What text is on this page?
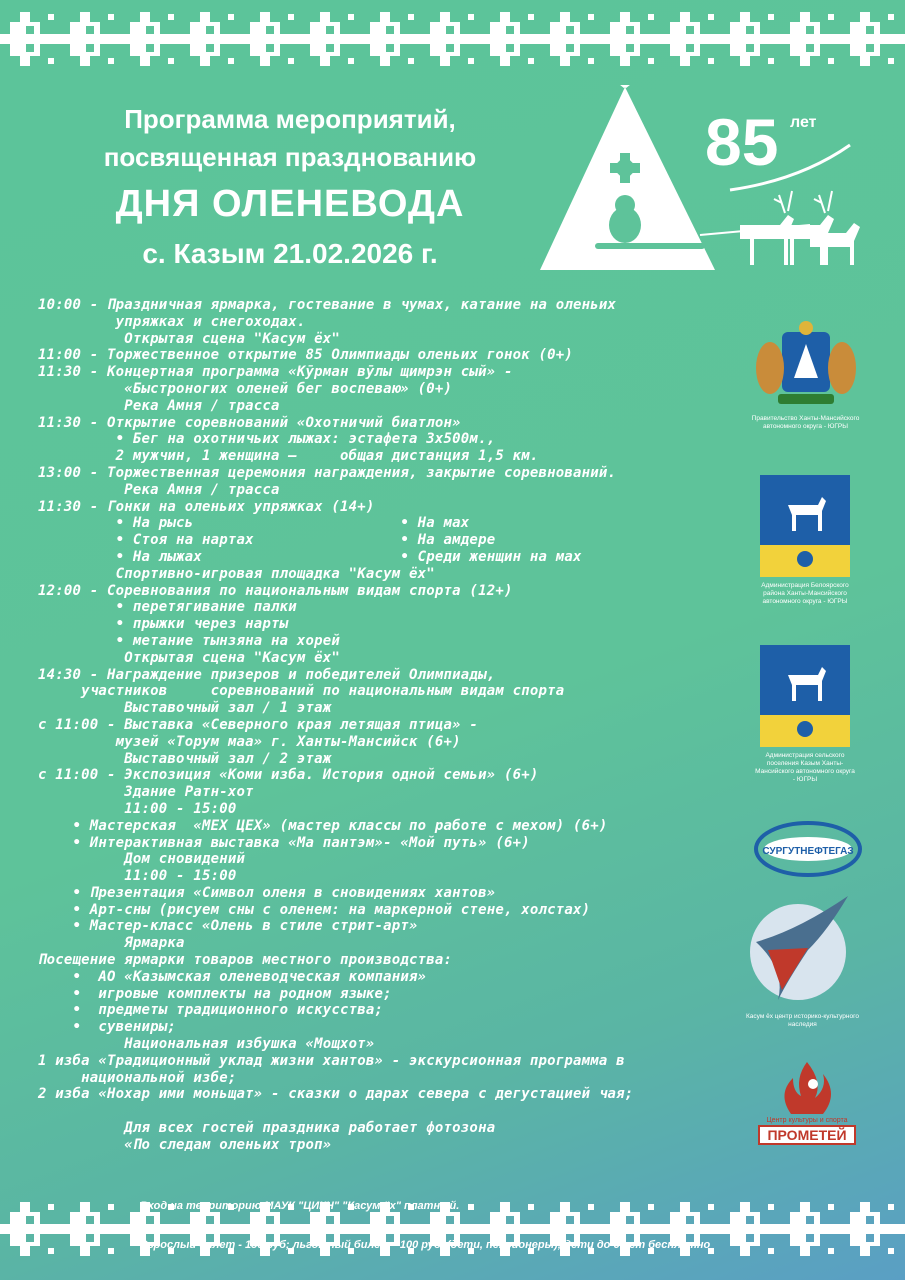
Программа мероприятий,
посвященная празднованию
ДНЯ ОЛЕНЕВОДА
с. Казым 21.02.2026 г.
85 лет
10:00 - Праздничная ярмарка, гостевание в чумах, катание на оленьих
упряжках и снегоходах.
Открытая сцена "Касум ёх"
11:00 - Торжественное открытие 85 Олимпиады оленьих гонок (0+)
11:30 - Концертная программа «Кӯрман вӯлы щимрэн сый» -
«Быстроногих оленей бег воспеваю» (0+)
Река Амня / трасса
11:30 - Открытие соревнований «Охотничий биатлон»
• Бег на охотничьих лыжах: эстафета 3х500м.,
2 мужчин, 1 женщина –     общая дистанция 1,5 км.
13:00 - Торжественная церемония награждения, закрытие соревнований.
Река Амня / трасса
11:30 - Гонки на оленьих упряжках (14+)
• На рысь                        • На мах
• Стоя на нартах                 • На амдере
• На лыжах                       • Среди женщин на мах
Спортивно-игровая площадка "Касум ёх"
12:00 - Соревнования по национальным видам спорта (12+)
• перетягивание палки
• прыжки через нарты
• метание тынзяна на хорей
Открытая сцена "Касум ёх"
14:30 - Награждение призеров и победителей Олимпиады,
участников     соревнований по национальным видам спорта
Выставочный зал / 1 этаж
с 11:00 - Выставка «Северного края летящая птица» -
музей «Торум маа» г. Ханты-Мансийск (6+)
Выставочный зал / 2 этаж
с 11:00 - Экспозиция «Коми изба. История одной семьи» (6+)
Здание Ратн-хот
11:00 - 15:00
• Мастерская  «МЕХ ЦЕХ» (мастер классы по работе с мехом) (6+)
• Интерактивная выставка «Ма пантэм»- «Мой путь» (6+)
Дом сновидений
11:00 - 15:00
• Презентация «Символ оленя в сновидениях хантов»
• Арт-сны (рисуем сны с оленем: на маркерной стене, холстах)
• Мастер-класс «Олень в стиле стрит-арт»
Ярмарка
Посещение ярмарки товаров местного производства:
•  АО «Казымская оленеводческая компания»
•  игровые комплекты на родном языке;
•  предметы традиционного искусства;
•  сувениры;
Национальная избушка «Мощхот»
1 изба «Традиционный уклад жизни хантов» - экскурсионная программа в
национальной избе;
2 изба «Нохар ими моньщат» - сказки о дарах севера с дегустацией чая;
Для всех гостей праздника работает фотозона
«По следам оленьих троп»

Правительство Ханты-Мансийского автономного округа - ЮГРЫ
Администрация Белоярского района Ханты-Мансийского автономного округа - ЮГРЫ
Администрация сельского поселения Казым Ханты-Мансийского автономного округа - ЮГРЫ
СУРГУТНЕФТЕГАЗ
Касум ёх центр историко-культурного наследия
Центр культуры и спорта
ПРОМЕТЕЙ
